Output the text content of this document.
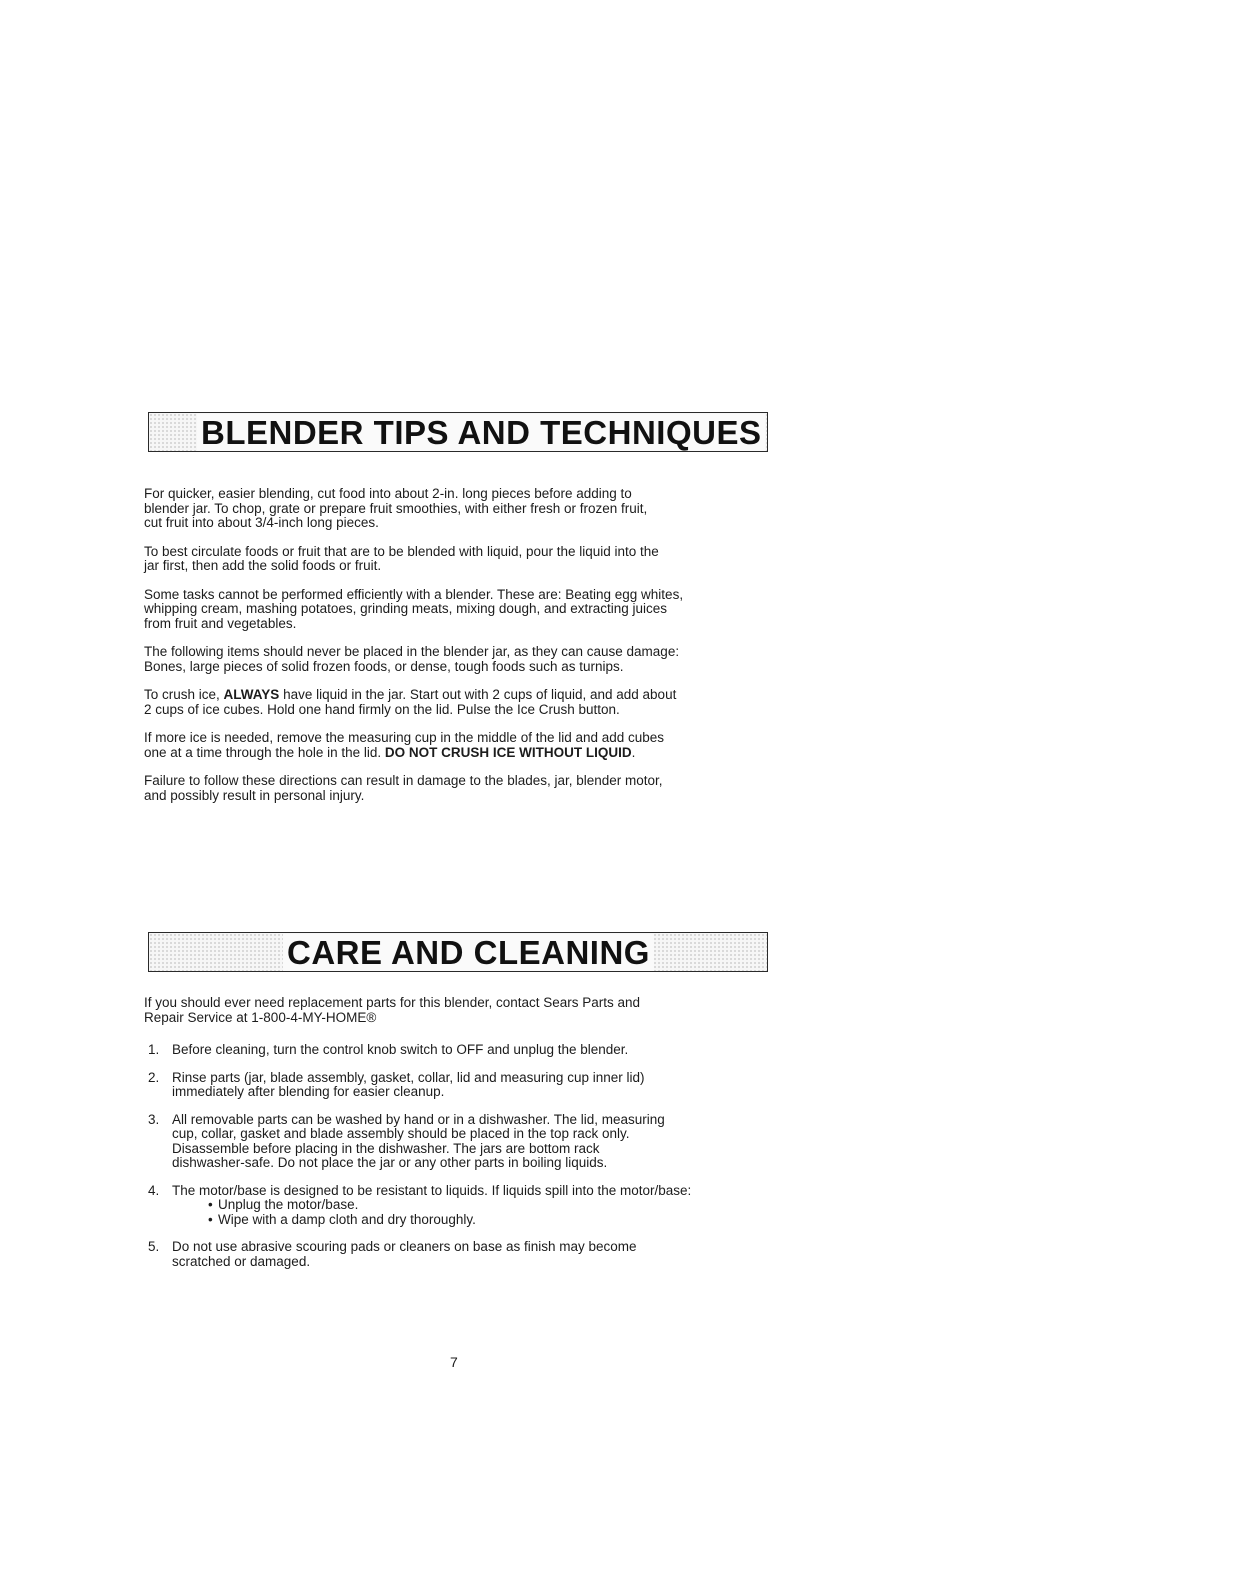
BLENDER TIPS AND TECHNIQUES

For quicker, easier blending, cut food into about 2-in. long pieces before adding to
blender jar. To chop, grate or prepare fruit smoothies, with either fresh or frozen fruit,
cut fruit into about 3/4-inch long pieces.

To best circulate foods or fruit that are to be blended with liquid, pour the liquid into the
jar first, then add the solid foods or fruit.

Some tasks cannot be performed efficiently with a blender. These are: Beating egg whites,
whipping cream, mashing potatoes, grinding meats, mixing dough, and extracting juices
from fruit and vegetables.

The following items should never be placed in the blender jar, as they can cause damage:
Bones, large pieces of solid frozen foods, or dense, tough foods such as turnips.

To crush ice, ALWAYS have liquid in the jar. Start out with 2 cups of liquid, and add about
2 cups of ice cubes. Hold one hand firmly on the lid. Pulse the Ice Crush button.

If more ice is needed, remove the measuring cup in the middle of the lid and add cubes
one at a time through the hole in the lid. DO NOT CRUSH ICE WITHOUT LIQUID.

Failure to follow these directions can result in damage to the blades, jar, blender motor,
and possibly result in personal injury.

CARE AND CLEANING

If you should ever need replacement parts for this blender, contact Sears Parts and
Repair Service at 1-800-4-MY-HOME®

1. Before cleaning, turn the control knob switch to OFF and unplug the blender.
2. Rinse parts (jar, blade assembly, gasket, collar, lid and measuring cup inner lid)
immediately after blending for easier cleanup.
3. All removable parts can be washed by hand or in a dishwasher. The lid, measuring
cup, collar, gasket and blade assembly should be placed in the top rack only.
Disassemble before placing in the dishwasher. The jars are bottom rack
dishwasher-safe. Do not place the jar or any other parts in boiling liquids.
4. The motor/base is designed to be resistant to liquids. If liquids spill into the motor/base:
• Unplug the motor/base.
• Wipe with a damp cloth and dry thoroughly.
5. Do not use abrasive scouring pads or cleaners on base as finish may become
scratched or damaged.
7
